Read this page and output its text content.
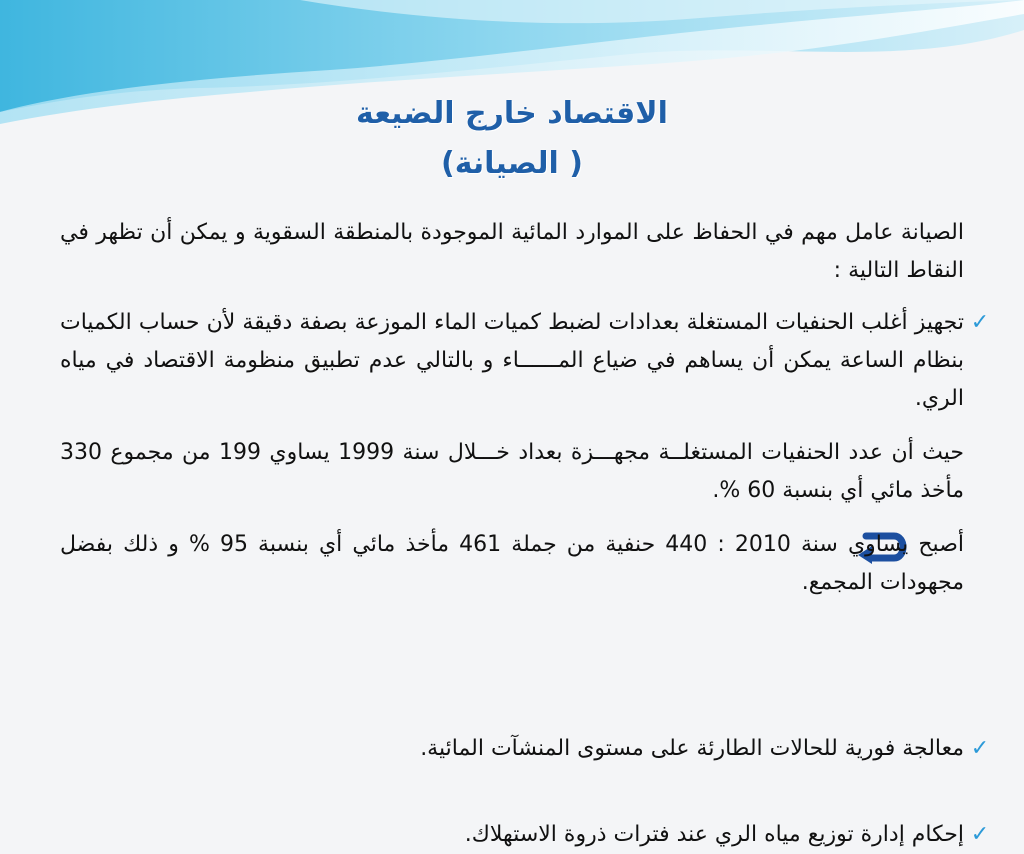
الاقتصاد خارج الضيعة
( الصيانة)

الصيانة عامل مهم في الحفاظ على الموارد المائية الموجودة بالمنطقة السقوية و يمكن أن تظهر في النقاط التالية :

✓

تجهيز أغلب الحنفيات المستغلة بعدادات لضبط كميات الماء الموزعة بصفة دقيقة لأن حساب الكميات بنظام الساعة يمكن أن يساهم في ضياع المــــــاء و بالتالي عدم تطبيق منظومة الاقتصاد في مياه الري.

حيث أن عدد الحنفيات المستغلــة مجهـــزة بعداد خـــلال سنة 1999 يساوي 199 من مجموع 330 مأخذ مائي أي بنسبة 60 %.

أصبح يساوي سنة 2010 : 440 حنفية من جملة 461 مأخذ مائي أي بنسبة 95 % و ذلك بفضل مجهودات المجمع.

✓

معالجة فورية للحالات الطارئة على مستوى المنشآت المائية.

✓

إحكام إدارة توزيع مياه الري عند فترات ذروة الاستهلاك.
